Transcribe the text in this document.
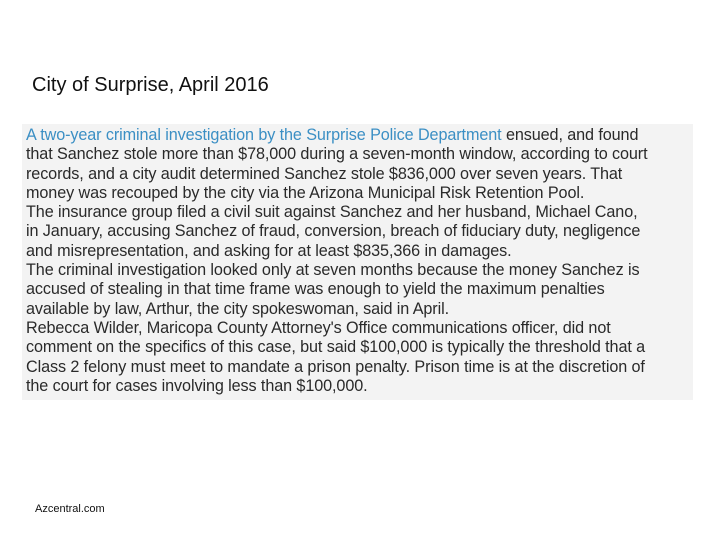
City of Surprise, April 2016
A two-year criminal investigation by the Surprise Police Department ensued, and found
that Sanchez stole more than $78,000 during a seven-month window, according to court
records, and a city audit determined Sanchez stole $836,000 over seven years. That
money was recouped by the city via the Arizona Municipal Risk Retention Pool.
The insurance group filed a civil suit against Sanchez and her husband, Michael Cano,
in January, accusing Sanchez of fraud, conversion, breach of fiduciary duty, negligence
and misrepresentation, and asking for at least $835,366 in damages.
The criminal investigation looked only at seven months because the money Sanchez is
accused of stealing in that time frame was enough to yield the maximum penalties
available by law, Arthur, the city spokeswoman, said in April.
Rebecca Wilder, Maricopa County Attorney's Office communications officer, did not
comment on the specifics of this case, but said $100,000 is typically the threshold that a
Class 2 felony must meet to mandate a prison penalty. Prison time is at the discretion of
the court for cases involving less than $100,000.
Azcentral.com
